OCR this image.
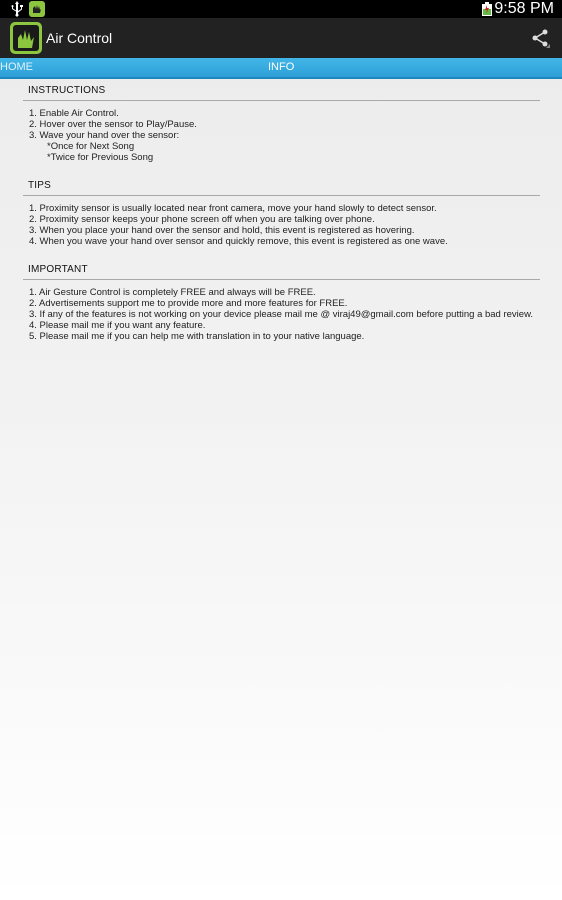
9:58 PM
Air Control
HOME	INFO
INSTRUCTIONS
1. Enable Air Control.
2. Hover over the sensor to Play/Pause.
3. Wave your hand over the sensor:
*Once for Next Song
*Twice for Previous Song
TIPS
1. Proximity sensor is usually located near front camera, move your hand slowly to detect sensor.
2. Proximity sensor keeps your phone screen off when you are talking over phone.
3. When you place your hand over the sensor and hold, this event is registered as hovering.
4. When you wave your hand over sensor and quickly remove, this event is registered as one wave.
IMPORTANT
1. Air Gesture Control is completely FREE and always will be FREE.
2. Advertisements support me to provide more and more features for FREE.
3. If any of the features is not working on your device please mail me @ viraj49@gmail.com before putting a bad review.
4. Please mail me if you want any feature.
5. Please mail me if you can help me with translation in to your native language.
